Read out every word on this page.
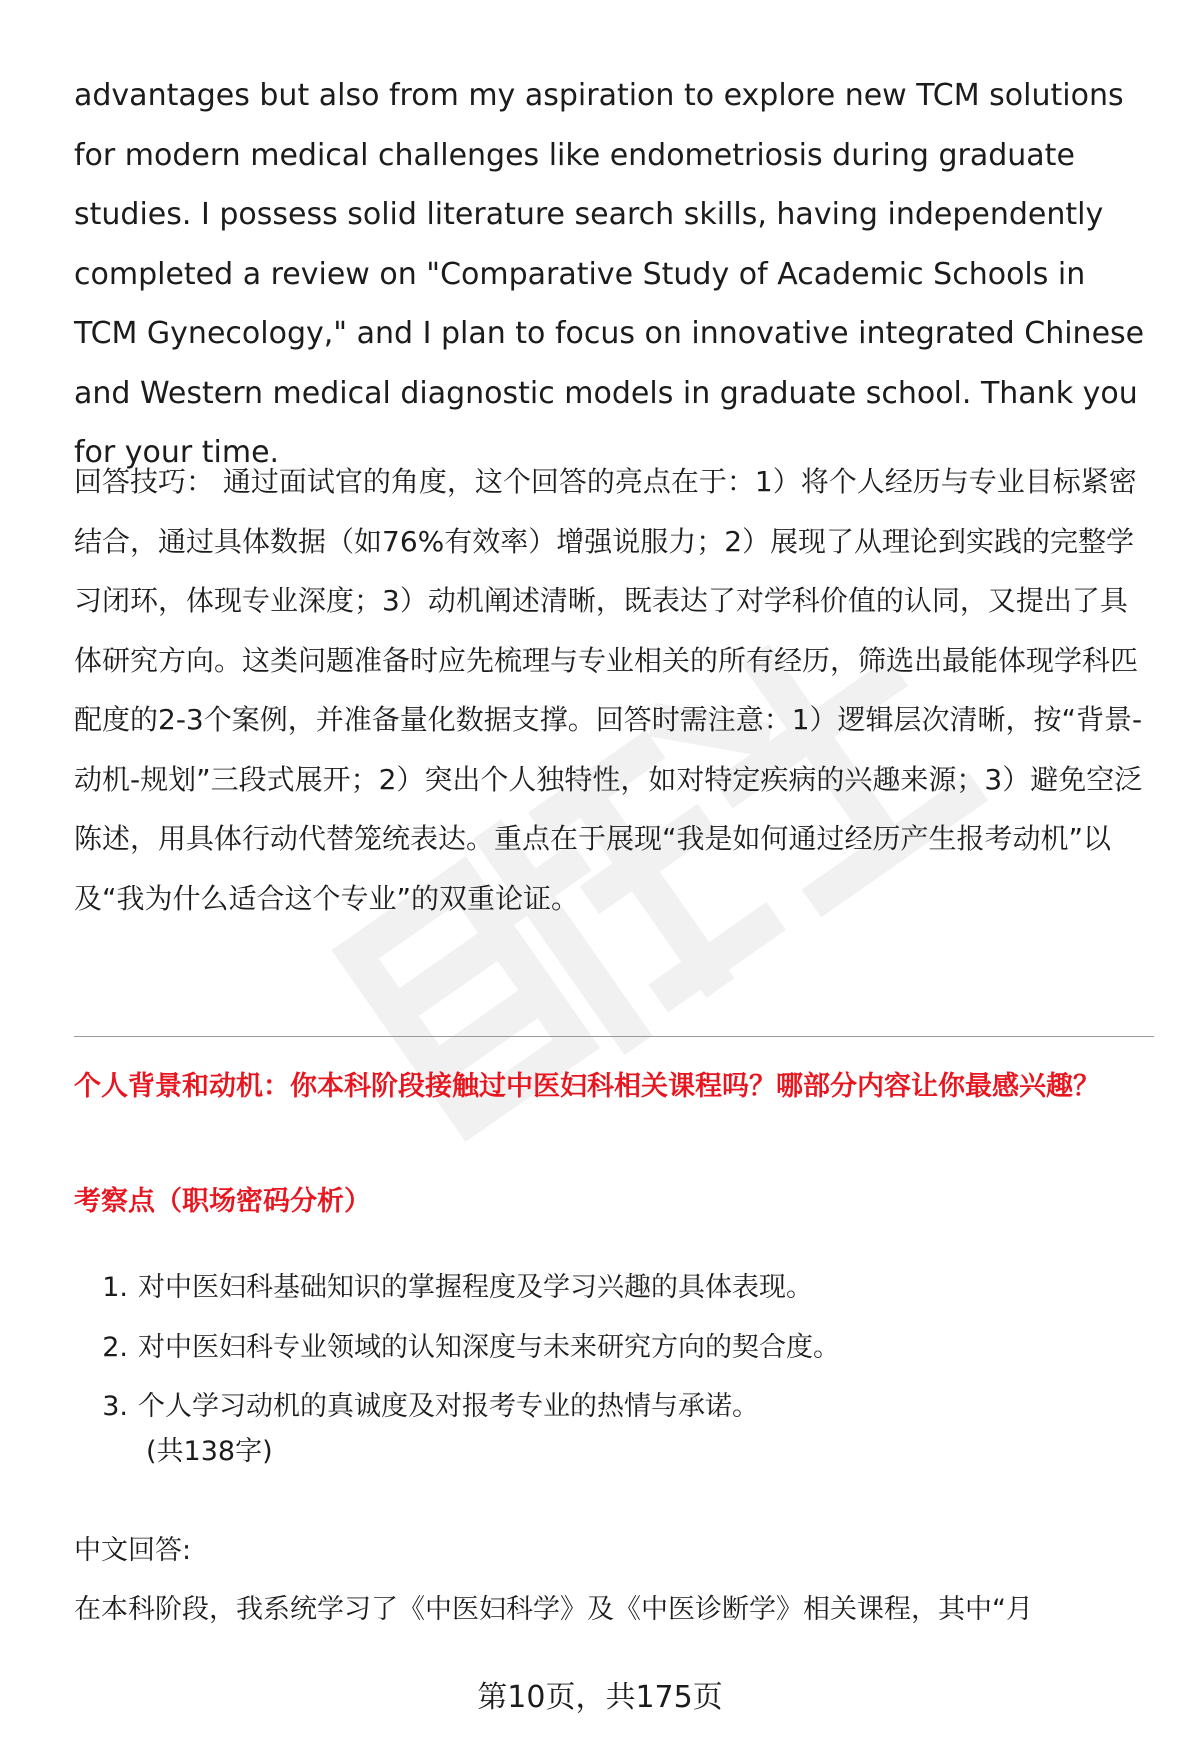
advantages but also from my aspiration to explore new TCM solutions for modern medical challenges like endometriosis during graduate studies. I possess solid literature search skills, having independently completed a review on "Comparative Study of Academic Schools in TCM Gynecology," and I plan to focus on innovative integrated Chinese and Western medical diagnostic models in graduate school. Thank you for your time.

回答技巧： 通过面试官的角度，这个回答的亮点在于：1）将个人经历与专业目标紧密结合，通过具体数据（如76%有效率）增强说服力；2）展现了从理论到实践的完整学习闭环，体现专业深度；3）动机阐述清晰，既表达了对学科价值的认同，又提出了具体研究方向。这类问题准备时应先梳理与专业相关的所有经历，筛选出最能体现学科匹配度的2-3个案例，并准备量化数据支撑。回答时需注意：1）逻辑层次清晰，按“背景-动机-规划”三段式展开；2）突出个人独特性，如对特定疾病的兴趣来源；3）避免空泛陈述，用具体行动代替笼统表达。重点在于展现“我是如何通过经历产生报考动机”以及“我为什么适合这个专业”的双重论证。

个人背景和动机：你本科阶段接触过中医妇科相关课程吗？哪部分内容让你最感兴趣？

考察点（职场密码分析）

1. 对中医妇科基础知识的掌握程度及学习兴趣的具体表现。
2. 对中医妇科专业领域的认知深度与未来研究方向的契合度。
3. 个人学习动机的真诚度及对报考专业的热情与承诺。

(共138字)

中文回答:

在本科阶段，我系统学习了《中医妇科学》及《中医诊断学》相关课程，其中“月

第10页，共175页
